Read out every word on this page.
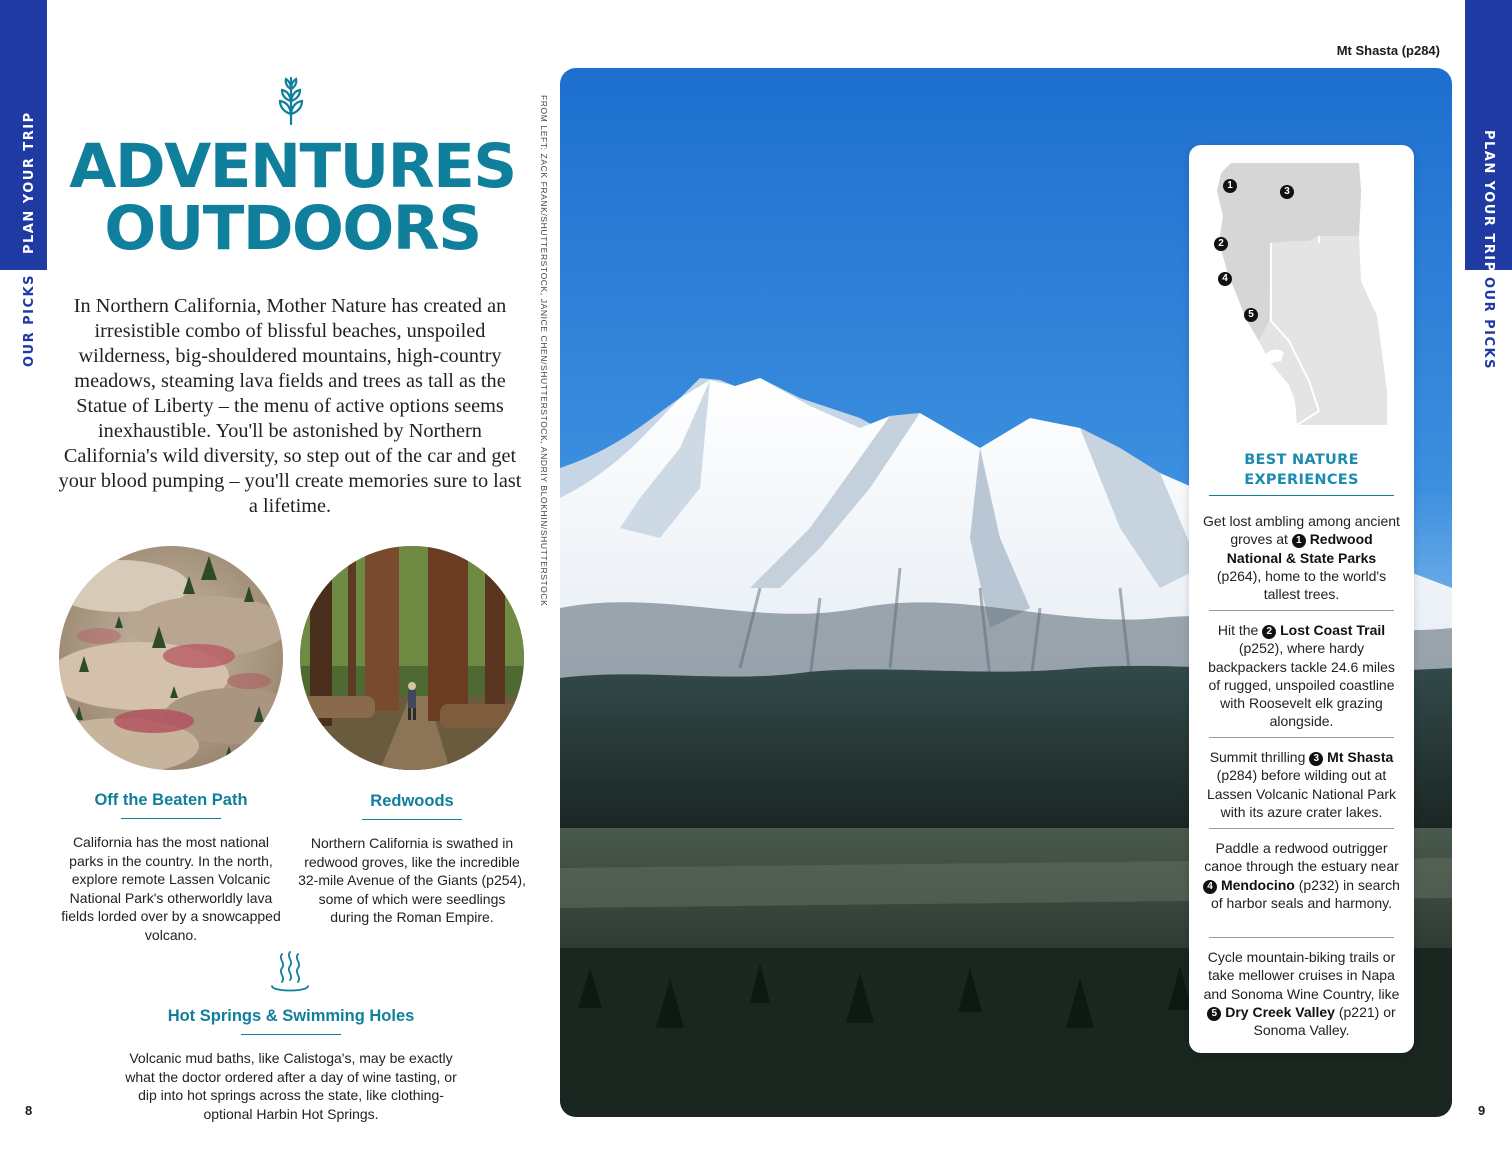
PLAN YOUR TRIP
OUR PICKS
PLAN YOUR TRIP
OUR PICKS
8	9
ADVENTURES
OUTDOORS

In Northern California, Mother Nature has created an irresistible combo of blissful beaches, unspoiled wilderness, big-shouldered mountains, high-country meadows, steaming lava fields and trees as tall as the Statue of Liberty – the menu of active options seems inexhaustible. You'll be astonished by Northern California's wild diversity, so step out of the car and get your blood pumping – you'll create memories sure to last a lifetime.

Off the Beaten Path

California has the most national parks in the country. In the north, explore remote Lassen Volcanic National Park's otherworldly lava fields lorded over by a snowcapped volcano.

Redwoods

Northern California is swathed in redwood groves, like the incredible 32-mile Avenue of the Giants (p254), some of which were seedlings during the Roman Empire.

Hot Springs & Swimming Holes

Volcanic mud baths, like Calistoga's, may be exactly what the doctor ordered after a day of wine tasting, or dip into hot springs across the state, like clothing-optional Harbin Hot Springs.

FROM LEFT: ZACK FRANK/SHUTTERSTOCK, JANICE CHEN/SHUTTERSTOCK, ANDRIY BLOKHIN/SHUTTERSTOCK
Mt Shasta (p284)
1
3
2
4
5
BEST NATURE
EXPERIENCES

Get lost ambling among ancient groves at 1 Redwood National & State Parks (p264), home to the world's tallest trees.

Hit the 2 Lost Coast Trail (p252), where hardy backpackers tackle 24.6 miles of rugged, unspoiled coastline with Roosevelt elk grazing alongside.

Summit thrilling 3 Mt Shasta (p284) before wilding out at Lassen Volcanic National Park with its azure crater lakes.

Paddle a redwood outrigger canoe through the estuary near 4 Mendocino (p232) in search of harbor seals and harmony.

Cycle mountain-biking trails or take mellower cruises in Napa and Sonoma Wine Country, like 5 Dry Creek Valley (p221) or Sonoma Valley.
